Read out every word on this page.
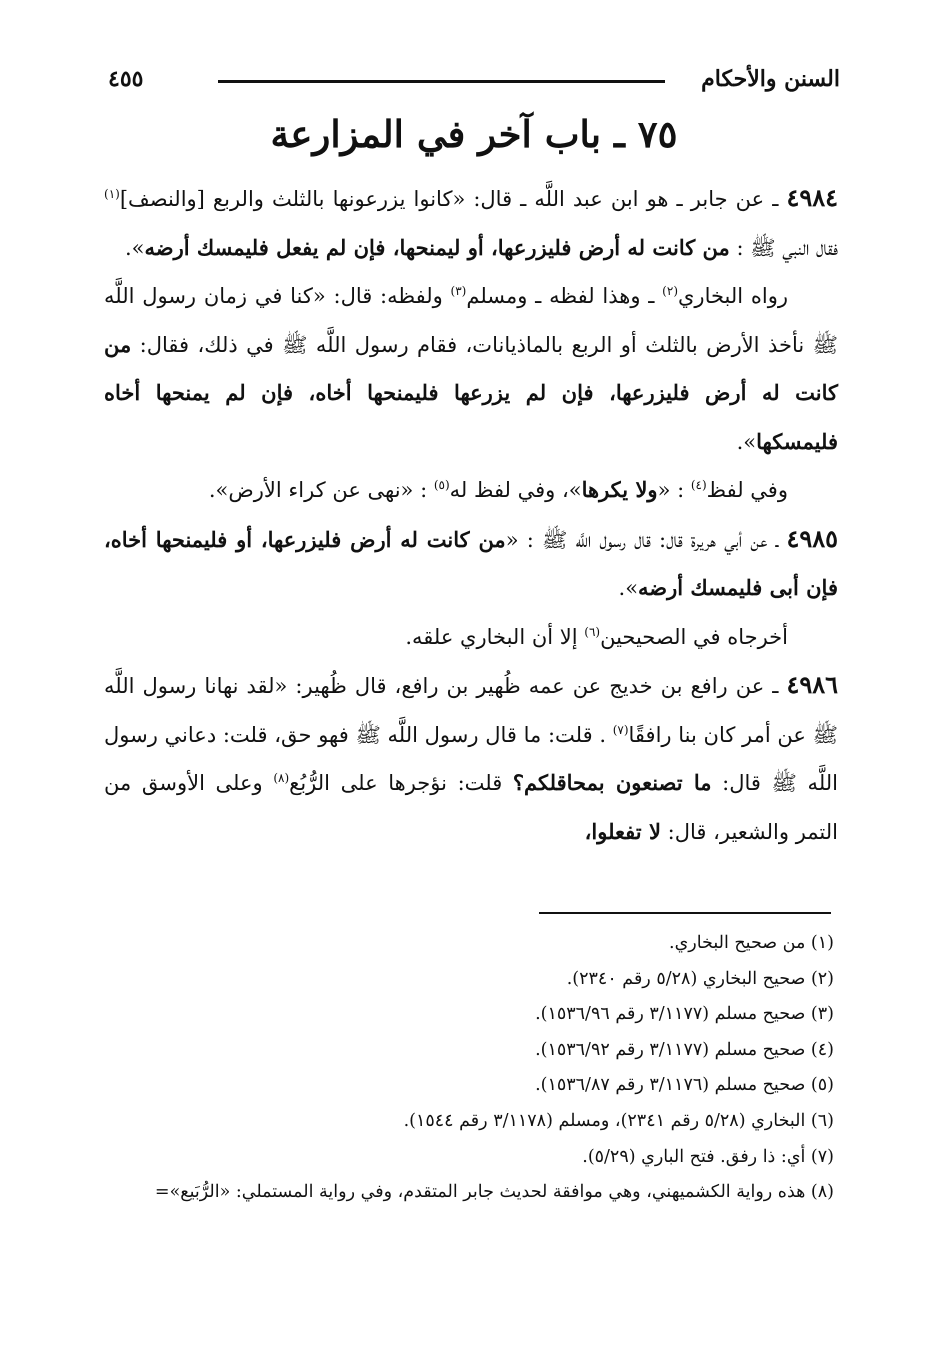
السنن والأحكام
٤٥٥
٧٥ ـ باب آخر في المزارعة

٤٩٨٤ ـ عن جابر ـ هو ابن عبد اللَّه ـ قال: «كانوا يزرعونها بالثلث والربع [والنصف]$^{(١)}$ فقال النبي ﷺ : من كانت له أرض فليزرعها، أو ليمنحها، فإن لم يفعل فليمسك أرضه».

رواه البخاري$^{(٢)}$ ـ وهذا لفظه ـ ومسلم$^{(٣)}$ ولفظه: قال: «كنا في زمان رسول اللَّه ﷺ نأخذ الأرض بالثلث أو الربع بالماذيانات، فقام رسول اللَّه ﷺ في ذلك، فقال: من كانت له أرض فليزرعها، فإن لم يزرعها فليمنحها أخاه، فإن لم يمنحها أخاه فليمسكها».

وفي لفظ$^{(٤)}$ : «ولا يكرها»، وفي لفظ له$^{(٥)}$ : «نهى عن كراء الأرض».

٤٩٨٥ ـ عن أبي هريرة قال: قال رسول اللَّه ﷺ : «من كانت له أرض فليزرعها، أو فليمنحها أخاه، فإن أبى فليمسك أرضه».

أخرجاه في الصحيحين$^{(٦)}$ إلا أن البخاري علقه.

٤٩٨٦ ـ عن رافع بن خديج عن عمه ظُهير بن رافع، قال ظُهير: «لقد نهانا رسول اللَّه ﷺ عن أمر كان بنا رافقًا$^{(٧)}$ . قلت: ما قال رسول اللَّه ﷺ فهو حق، قلت: دعاني رسول اللَّه ﷺ قال: ما تصنعون بمحاقلكم؟ قلت: نؤجرها على الرُّبُع$^{(٨)}$ وعلى الأوسق من التمر والشعير، قال: لا تفعلوا،

(١) من صحيح البخاري.
(٢) صحيح البخاري (٥/٢٨ رقم ٢٣٤٠).
(٣) صحيح مسلم (٣/١١٧٧ رقم ١٥٣٦/٩٦).
(٤) صحيح مسلم (٣/١١٧٧ رقم ١٥٣٦/٩٢).
(٥) صحيح مسلم (٣/١١٧٦ رقم ١٥٣٦/٨٧).
(٦) البخاري (٥/٢٨ رقم ٢٣٤١)، ومسلم (٣/١١٧٨ رقم ١٥٤٤).
(٧) أي: ذا رفق. فتح الباري (٥/٢٩).
(٨) هذه رواية الكشميهني، وهي موافقة لحديث جابر المتقدم، وفي رواية المستملي: «الرُّبَيع»=
